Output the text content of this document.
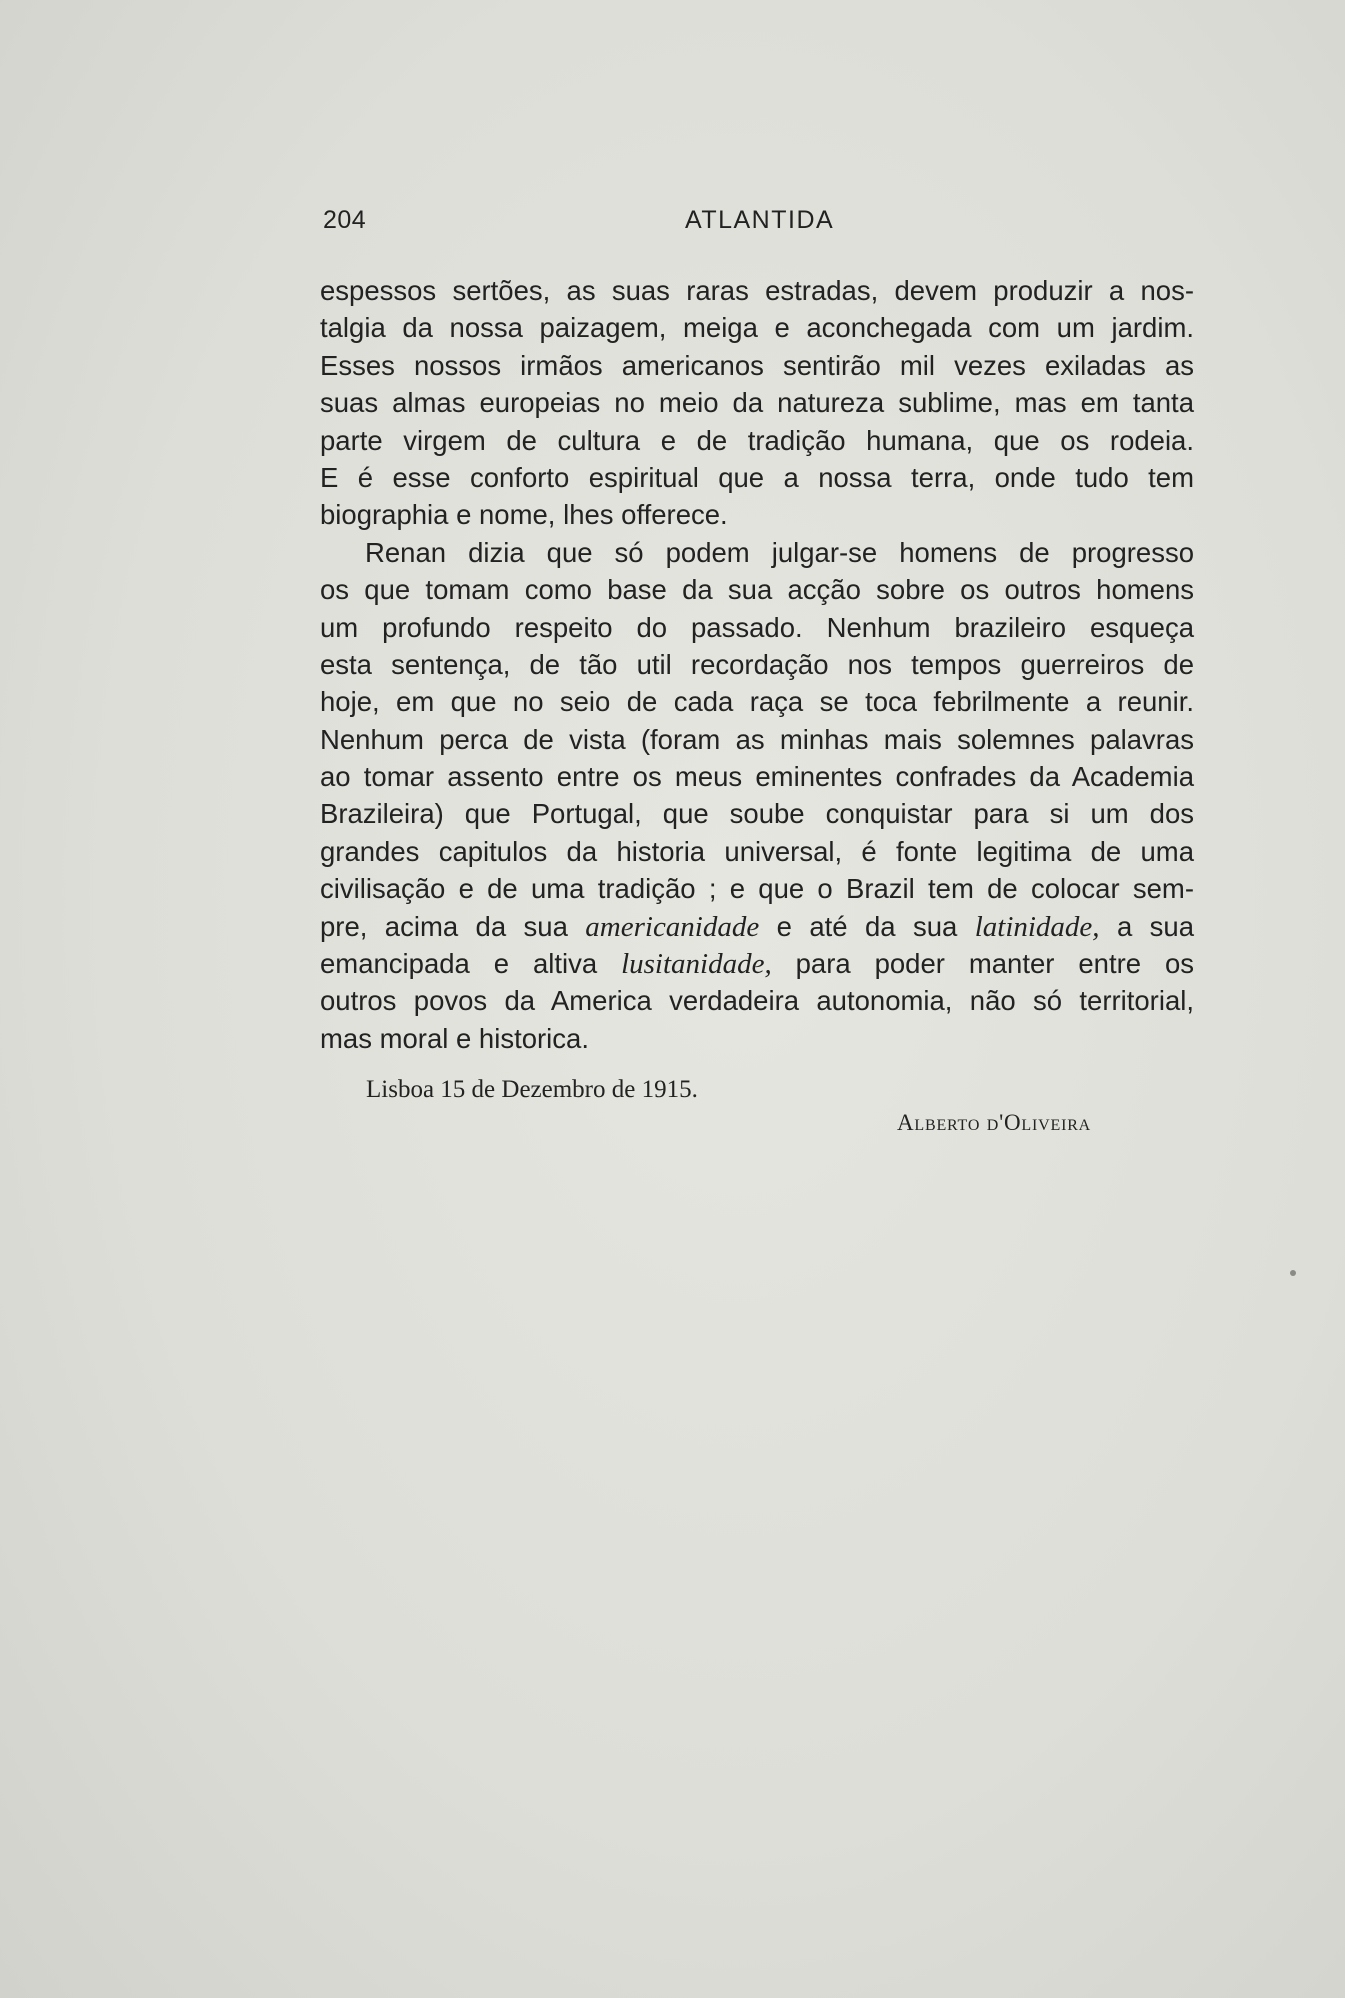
204	ATLANTIDA
espessos sertões, as suas raras estradas, devem produzir a nos-
talgia da nossa paizagem, meiga e aconchegada com um jardim.
Esses nossos irmãos americanos sentirão mil vezes exiladas as
suas almas europeias no meio da natureza sublime, mas em tanta
parte virgem de cultura e de tradição humana, que os rodeia.
E é esse conforto espiritual que a nossa terra, onde tudo tem
biographia e nome, lhes offerece.
Renan dizia que só podem julgar-se homens de progresso
os que tomam como base da sua acção sobre os outros homens
um profundo respeito do passado. Nenhum brazileiro esqueça
esta sentença, de tão util recordação nos tempos guerreiros de
hoje, em que no seio de cada raça se toca febrilmente a reunir.
Nenhum perca de vista (foram as minhas mais solemnes palavras
ao tomar assento entre os meus eminentes confrades da Academia
Brazileira) que Portugal, que soube conquistar para si um dos
grandes capitulos da historia universal, é fonte legitima de uma
civilisação e de uma tradição ; e que o Brazil tem de colocar sem-
pre, acima da sua americanidade e até da sua latinidade, a sua
emancipada e altiva lusitanidade, para poder manter entre os
outros povos da America verdadeira autonomia, não só territorial,
mas moral e historica.
Lisboa 15 de Dezembro de 1915.
Alberto d'Oliveira
